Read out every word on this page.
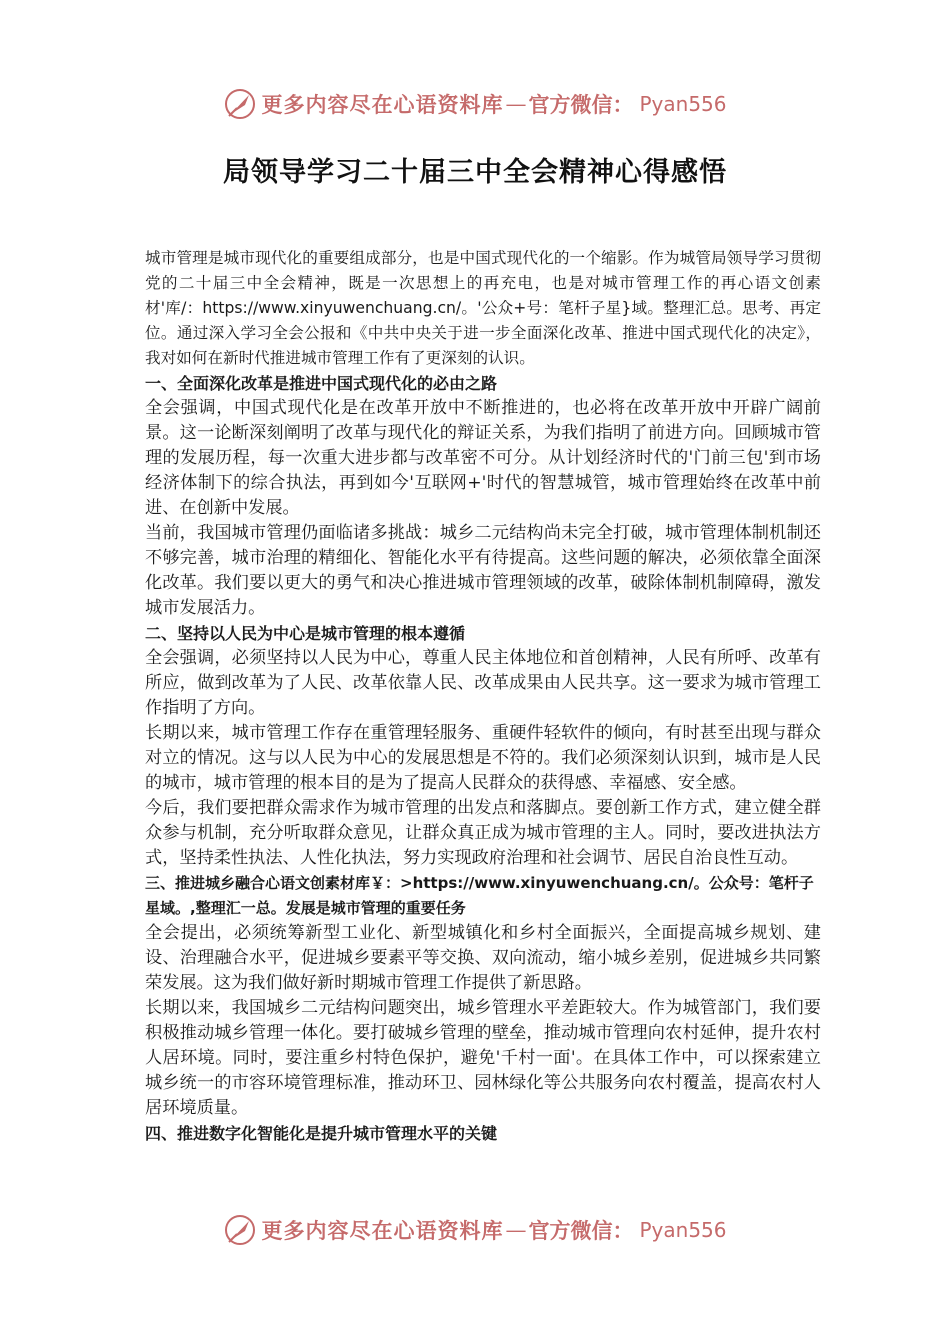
更多内容尽在心语资料库 — 官方微信： Pyan556
局领导学习二十届三中全会精神心得感悟

城市管理是城市现代化的重要组成部分，也是中国式现代化的一个缩影。作为城管局领导学习贯彻党的二十届三中全会精神，既是一次思想上的再充电，也是对城市管理工作的再心语文创素材'库/：https://www.xinyuwenchuang.cn/。'公众+号：笔杆子星}域。整理汇总。思考、再定位。通过深入学习全会公报和《中共中央关于进一步全面深化改革、推进中国式现代化的决定》，我对如何在新时代推进城市管理工作有了更深刻的认识。

一、全面深化改革是推进中国式现代化的必由之路

全会强调，中国式现代化是在改革开放中不断推进的，也必将在改革开放中开辟广阔前景。这一论断深刻阐明了改革与现代化的辩证关系，为我们指明了前进方向。回顾城市管理的发展历程，每一次重大进步都与改革密不可分。从计划经济时代的'门前三包'到市场经济体制下的综合执法，再到如今'互联网+'时代的智慧城管，城市管理始终在改革中前进、在创新中发展。

当前，我国城市管理仍面临诸多挑战：城乡二元结构尚未完全打破，城市管理体制机制还不够完善，城市治理的精细化、智能化水平有待提高。这些问题的解决，必须依靠全面深化改革。我们要以更大的勇气和决心推进城市管理领域的改革，破除体制机制障碍，激发城市发展活力。

二、坚持以人民为中心是城市管理的根本遵循

全会强调，必须坚持以人民为中心，尊重人民主体地位和首创精神，人民有所呼、改革有所应，做到改革为了人民、改革依靠人民、改革成果由人民共享。这一要求为城市管理工作指明了方向。

长期以来，城市管理工作存在重管理轻服务、重硬件轻软件的倾向，有时甚至出现与群众对立的情况。这与以人民为中心的发展思想是不符的。我们必须深刻认识到，城市是人民的城市，城市管理的根本目的是为了提高人民群众的获得感、幸福感、安全感。

今后，我们要把群众需求作为城市管理的出发点和落脚点。要创新工作方式，建立健全群众参与机制，充分听取群众意见，让群众真正成为城市管理的主人。同时，要改进执法方式，坚持柔性执法、人性化执法，努力实现政府治理和社会调节、居民自治良性互动。

三、推进城乡融合心语文创素材库￥：>https://www.xinyuwenchuang.cn/。公众号：笔杆子星域。,整理汇一总。发展是城市管理的重要任务

全会提出，必须统筹新型工业化、新型城镇化和乡村全面振兴，全面提高城乡规划、建设、治理融合水平，促进城乡要素平等交换、双向流动，缩小城乡差别，促进城乡共同繁荣发展。这为我们做好新时期城市管理工作提供了新思路。

长期以来，我国城乡二元结构问题突出，城乡管理水平差距较大。作为城管部门，我们要积极推动城乡管理一体化。要打破城乡管理的壁垒，推动城市管理向农村延伸，提升农村人居环境。同时，要注重乡村特色保护，避免'千村一面'。在具体工作中，可以探索建立城乡统一的市容环境管理标准，推动环卫、园林绿化等公共服务向农村覆盖，提高农村人居环境质量。

四、推进数字化智能化是提升城市管理水平的关键

更多内容尽在心语资料库 — 官方微信： Pyan556
